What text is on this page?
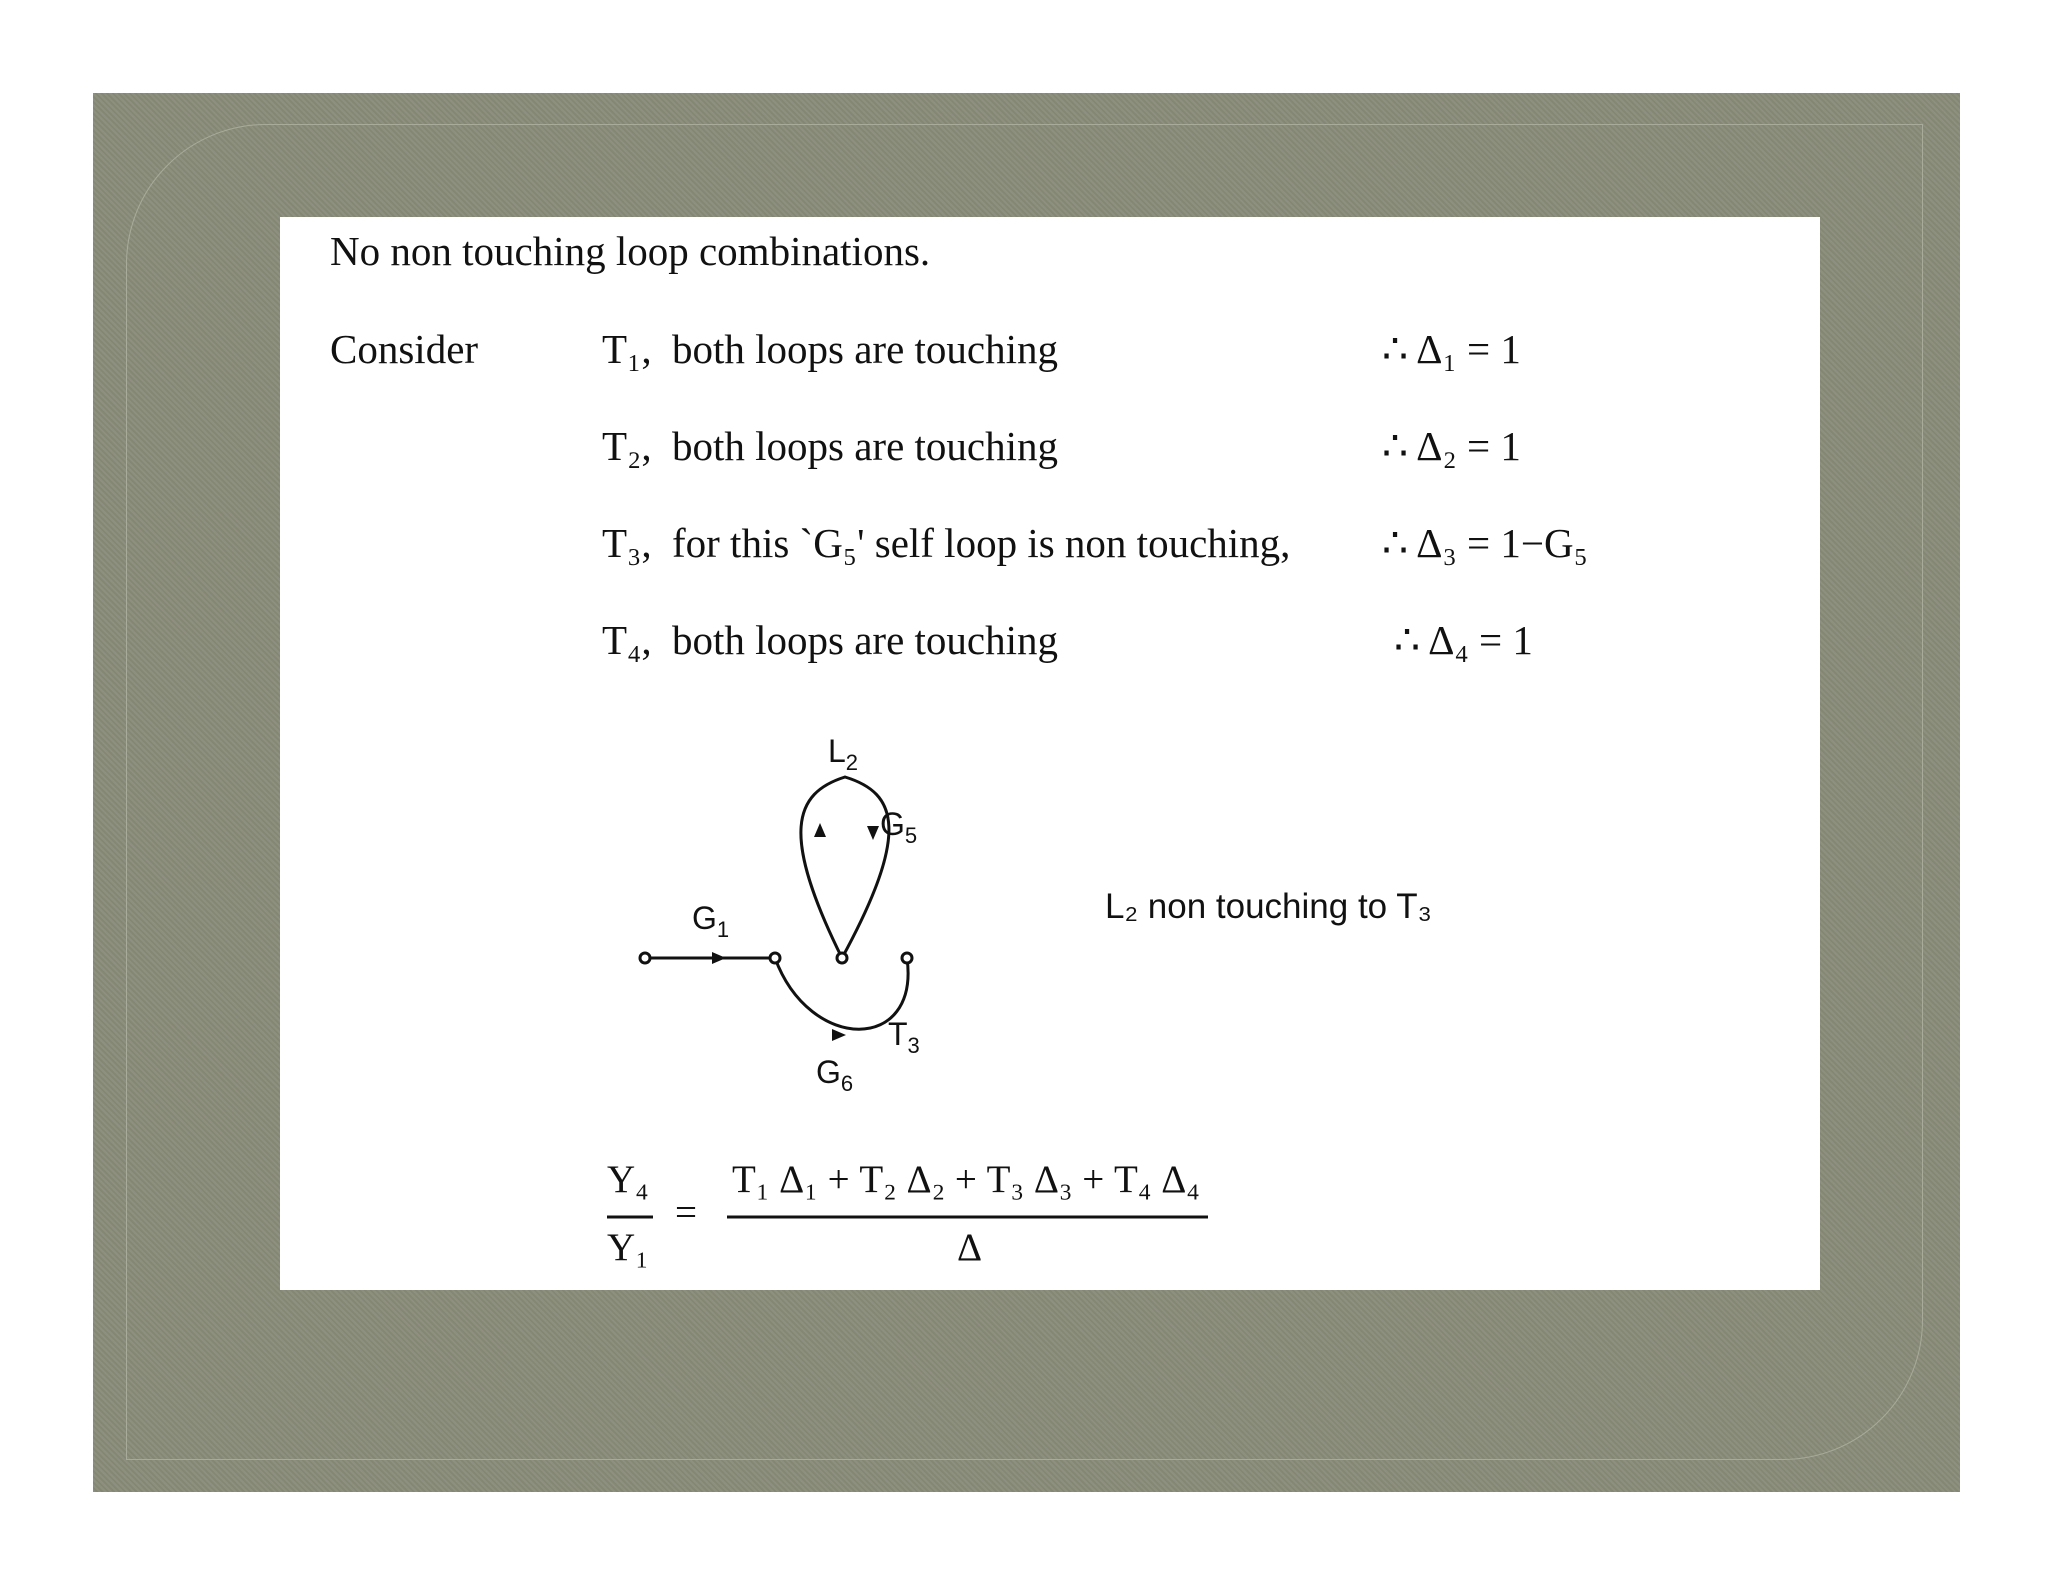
No non touching loop combinations.
Consider	T₁, both loops are touching	∴ Δ₁ = 1
T₂, both loops are touching	∴ Δ₂ = 1
T₃, for this `G₅' self loop is non touching, ∴ Δ₃ = 1−G₅
T₄, both loops are touching	∴ Δ₄ = 1
$L_2$
$G_5$
$G_1$
$G_6$
$T_3$
L₂ non touching to T₃
Y₄
Y₁
=
T₁ Δ₁ + T₂ Δ₂ + T₃ Δ₃ + T₄ Δ₄
Δ
